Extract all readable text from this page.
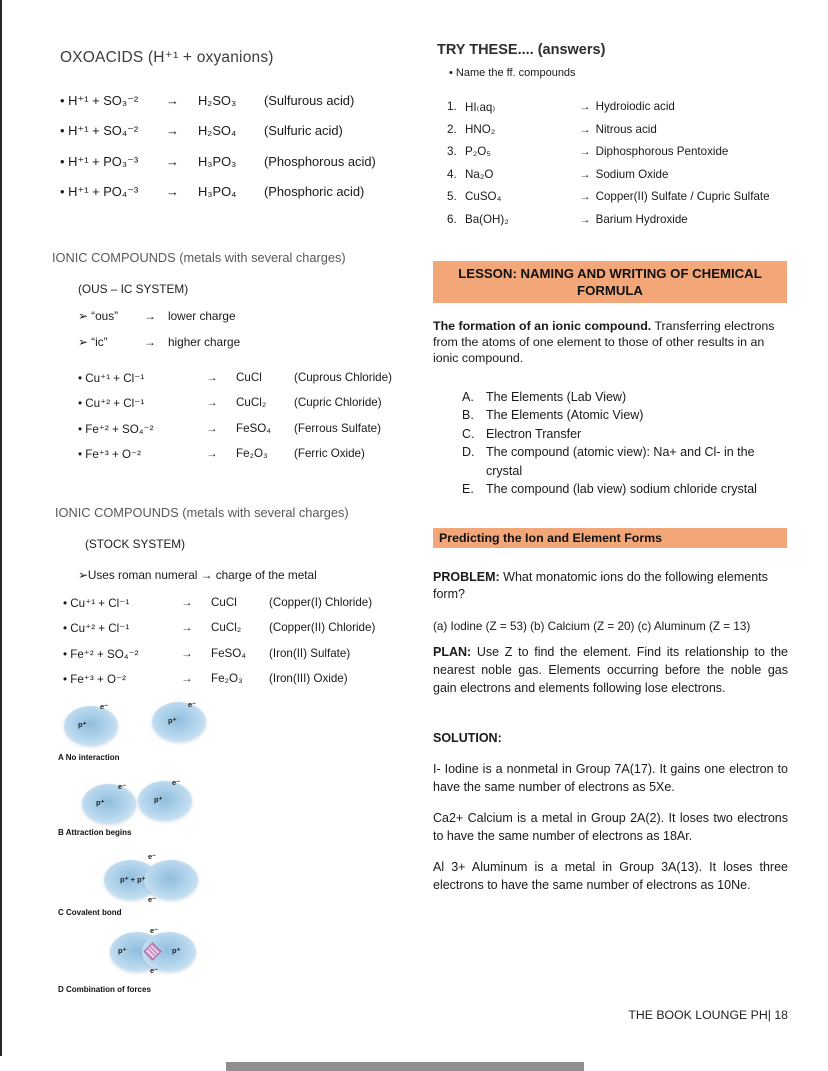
OXOACIDS (H⁺¹ + oxyanions)
• H⁺¹ + SO₃⁻²	→	H₂SO₃	(Sulfurous acid)
• H⁺¹ + SO₄⁻²	→	H₂SO₄	(Sulfuric acid)
• H⁺¹ + PO₃⁻³	→	H₃PO₃	(Phosphorous acid)
• H⁺¹ + PO₄⁻³	→	H₃PO₄	(Phosphoric acid)
IONIC COMPOUNDS (metals with several charges)
(OUS – IC SYSTEM)
➢ “ous”	→	lower charge
➢ “ic”	→	higher charge
• Cu⁺¹ + Cl⁻¹	→	CuCl	(Cuprous Chloride)
• Cu⁺² + Cl⁻¹	→	CuCl₂	(Cupric Chloride)
• Fe⁺² + SO₄⁻²	→	FeSO₄	(Ferrous Sulfate)
• Fe⁺³ + O⁻²	→	Fe₂O₃	(Ferric Oxide)
IONIC COMPOUNDS (metals with several charges)
(STOCK SYSTEM)
➢Uses roman numeral → charge of the metal
• Cu⁺¹ + Cl⁻¹	→	CuCl	(Copper(I) Chloride)
• Cu⁺² + Cl⁻¹	→	CuCl₂	(Copper(II) Chloride)
• Fe⁺² + SO₄⁻²	→	FeSO₄	(Iron(II) Sulfate)
• Fe⁺³ + O⁻²	→	Fe₂O₃	(Iron(III) Oxide)
e⁻	e⁻
p⁺	p⁺
A No interaction
e⁻	e⁻
p⁺	p⁺
B Attraction begins
e⁻
p⁺ + p⁺
e⁻
C Covalent bond
e⁻
p⁺	p⁺
e⁻
D Combination of forces
TRY THESE.... (answers)
• Name the ff. compounds
1. HI₍aq₎	→ Hydroiodic acid
2. HNO₂	→ Nitrous acid
3. P₂O₅	→ Diphosphorous Pentoxide
4. Na₂O	→ Sodium Oxide
5. CuSO₄	→ Copper(II) Sulfate / Cupric Sulfate
6. Ba(OH)₂	→ Barium Hydroxide
LESSON: NAMING AND WRITING OF CHEMICAL FORMULA
The formation of an ionic compound. Transferring electrons from the atoms of one element to those of other results in an ionic compound.
A. The Elements (Lab View)
B. The Elements (Atomic View)
C. Electron Transfer
D. The compound (atomic view): Na+ and Cl- in the crystal
E. The compound (lab view) sodium chloride crystal
Predicting the Ion and Element Forms
PROBLEM: What monatomic ions do the following elements form?
(a) Iodine (Z = 53) (b) Calcium (Z = 20) (c) Aluminum (Z = 13)
PLAN: Use Z to find the element. Find its relationship to the nearest noble gas. Elements occurring before the noble gas gain electrons and elements following lose electrons.
SOLUTION:

I- Iodine is a nonmetal in Group 7A(17). It gains one electron to have the same number of electrons as 5Xe.

Ca2+ Calcium is a metal in Group 2A(2). It loses two electrons to have the same number of electrons as 18Ar.

Al 3+ Aluminum is a metal in Group 3A(13). It loses three electrons to have the same number of electrons as 10Ne.

THE BOOK LOUNGE PH| 18
